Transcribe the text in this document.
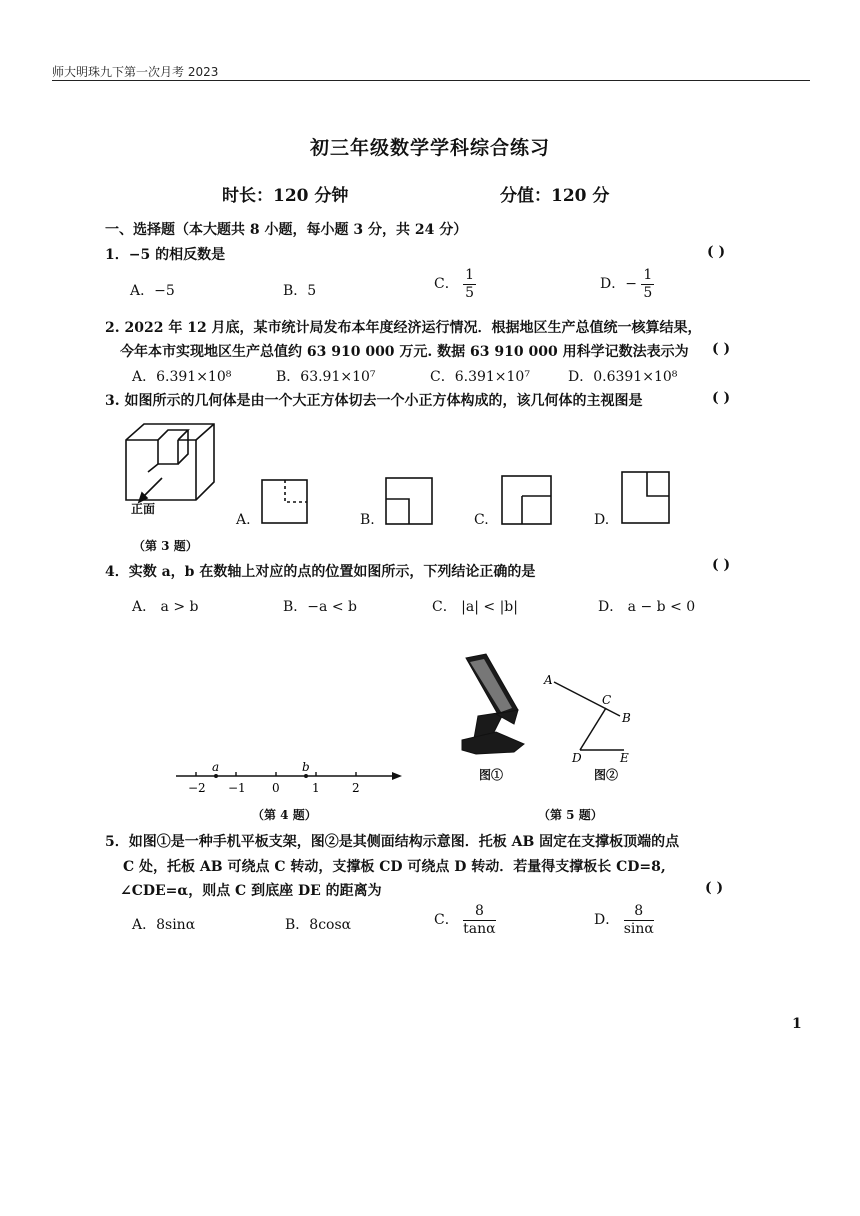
师大明珠九下第一次月考 2023
初三年级数学学科综合练习
时长：120 分钟	分值：120 分
一、选择题（本大题共 8 小题，每小题 3 分，共 24 分）
1．−5 的相反数是	( )
A．−5	B．5	C． $\frac{1}{5}$	D．− $\frac{1}{5}$
2. 2022 年 12 月底，某市统计局发布本年度经济运行情况．根据地区生产总值统一核算结果，
今年本市实现地区生产总值约 63 910 000 万元. 数据 63 910 000 用科学记数法表示为 ( )
A．6.391×10⁸	B．63.91×10⁷	C．6.391×10⁷	D．0.6391×10⁸
3. 如图所示的几何体是由一个大正方体切去一个小正方体构成的，该几何体的主视图是	( )
正面
（第 3 题）
A.	B.	C.	D.
4．实数 a，b 在数轴上对应的点的位置如图所示，下列结论正确的是	( )
A． a > b	B．−a < b	C． |a| < |b|	D． a − b < 0
a	b
−2 −1 0	1	2
（第 4 题）
图①
A
B
C
D	E
图②
（第 5 题）
5．如图①是一种手机平板支架，图②是其侧面结构示意图．托板 AB 固定在支撑板顶端的点
C 处，托板 AB 可绕点 C 转动，支撑板 CD 可绕点 D 转动．若量得支撑板长 CD=8,
∠CDE=α，则点 C 到底座 DE 的距离为	( )
A．8sinα	B．8cosα	C． $\frac{8}{\tan\alpha}$	D． $\frac{8}{\sin\alpha}$
1
